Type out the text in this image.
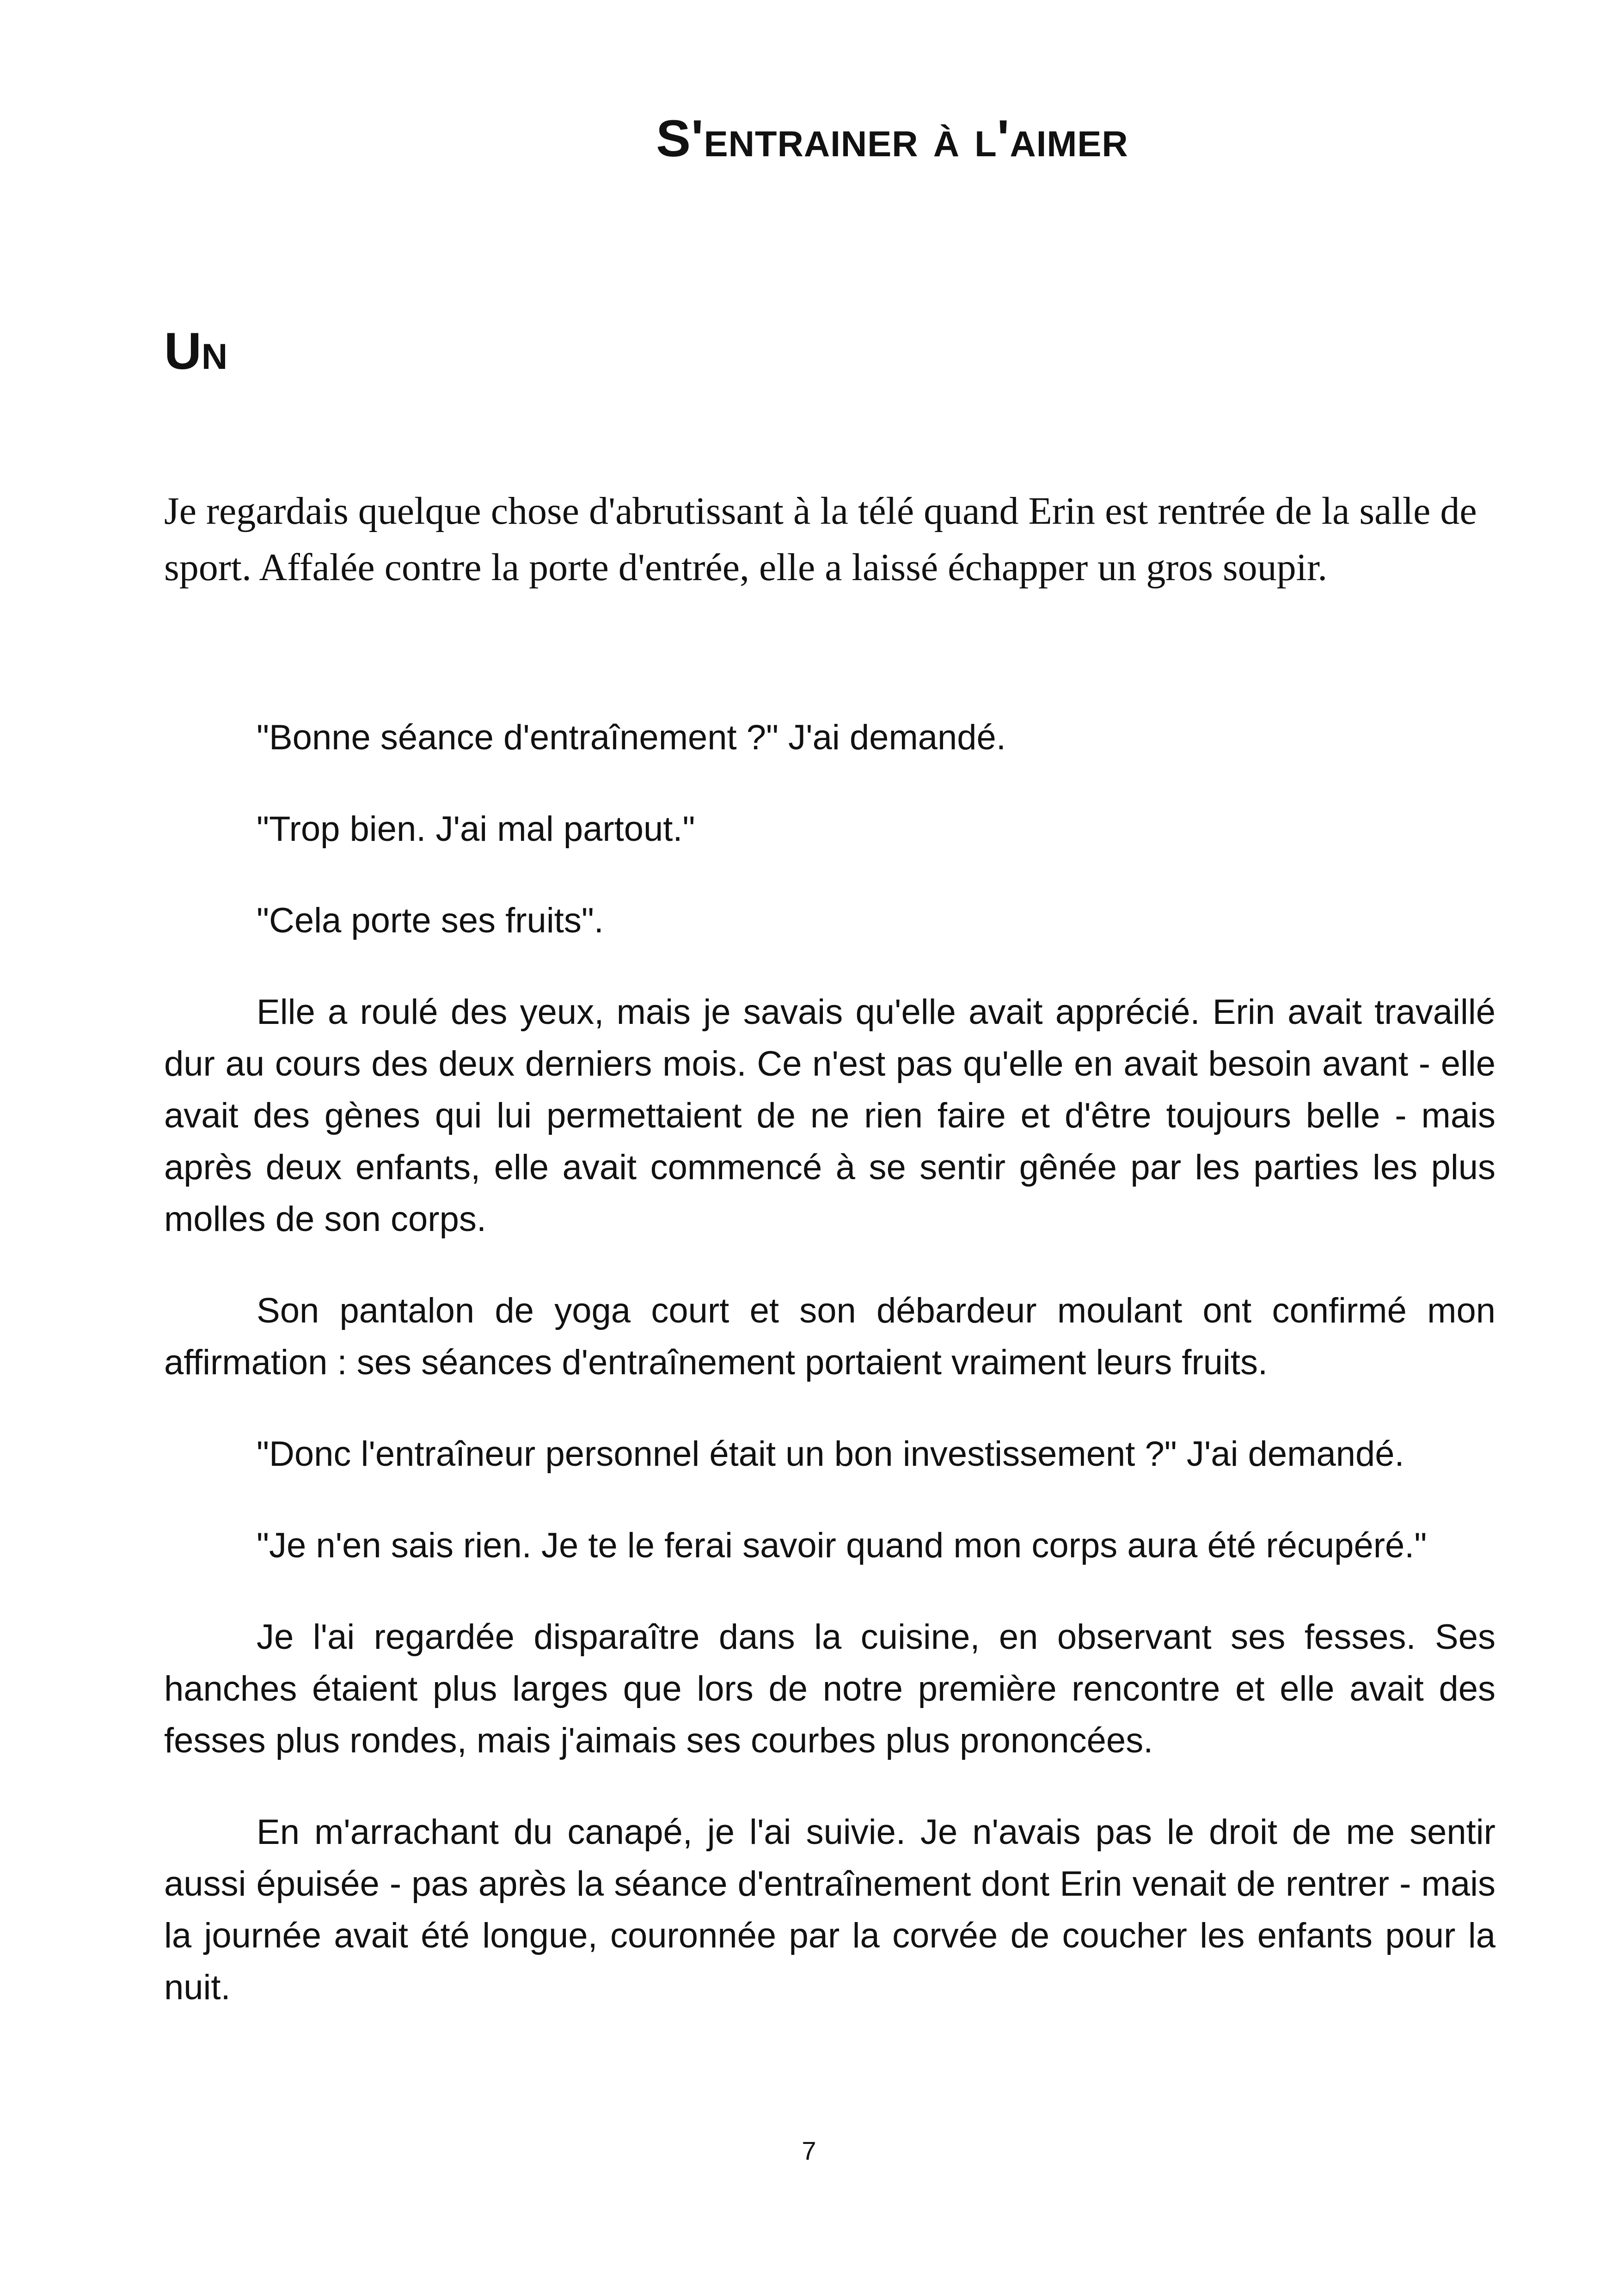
S'entrainer à l'aimer
Un

Je regardais quelque chose d'abrutissant à la télé quand Erin est rentrée de la salle de sport. Affalée contre la porte d'entrée, elle a laissé échapper un gros soupir.

"Bonne séance d'entraînement ?" J'ai demandé.

"Trop bien. J'ai mal partout."

"Cela porte ses fruits".

Elle a roulé des yeux, mais je savais qu'elle avait apprécié. Erin avait travaillé dur au cours des deux derniers mois. Ce n'est pas qu'elle en avait besoin avant - elle avait des gènes qui lui permettaient de ne rien faire et d'être toujours belle - mais après deux enfants, elle avait commencé à se sentir gênée par les parties les plus molles de son corps.

Son pantalon de yoga court et son débardeur moulant ont confirmé mon affirmation : ses séances d'entraînement portaient vraiment leurs fruits.

"Donc l'entraîneur personnel était un bon investissement ?" J'ai demandé.

"Je n'en sais rien. Je te le ferai savoir quand mon corps aura été récupéré."

Je l'ai regardée disparaître dans la cuisine, en observant ses fesses. Ses hanches étaient plus larges que lors de notre première rencontre et elle avait des fesses plus rondes, mais j'aimais ses courbes plus prononcées.

En m'arrachant du canapé, je l'ai suivie. Je n'avais pas le droit de me sentir aussi épuisée - pas après la séance d'entraînement dont Erin venait de rentrer - mais la journée avait été longue, couronnée par la corvée de coucher les enfants pour la nuit.

7
